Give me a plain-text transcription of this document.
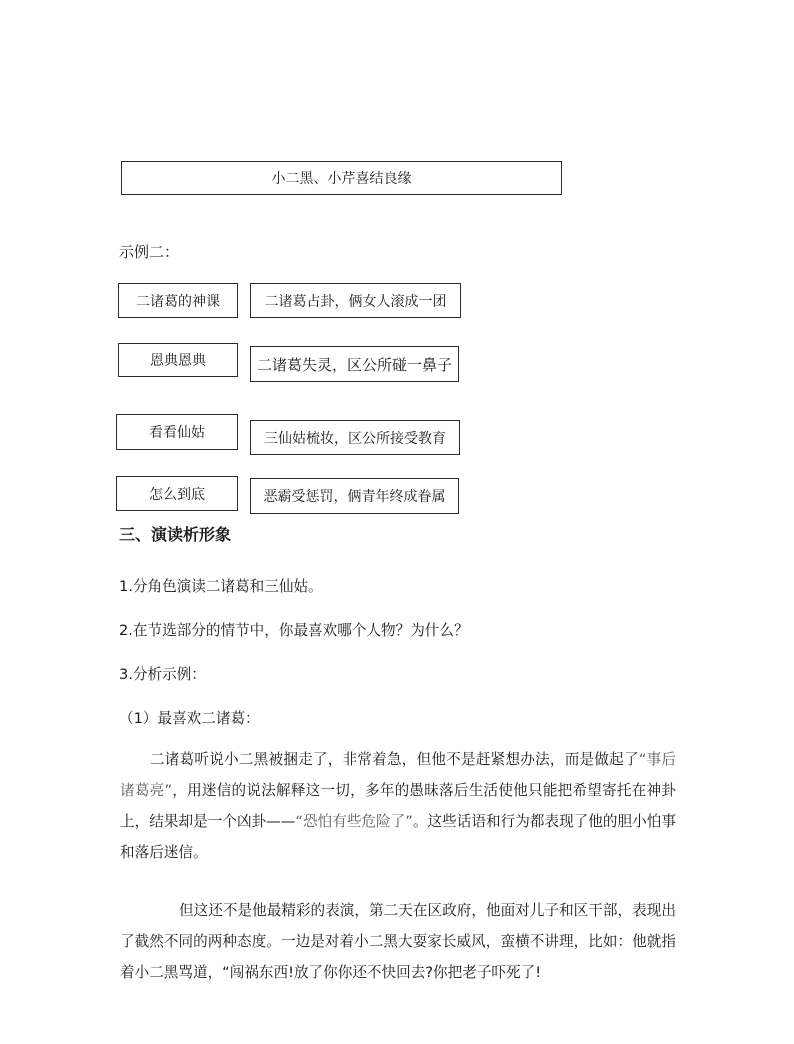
小二黑、小芹喜结良缘
示例二：
二诸葛的神课	二诸葛占卦，俩女人滚成一团
恩典恩典	二诸葛失灵，区公所碰一鼻子
看看仙姑	三仙姑梳妆，区公所接受教育
怎么到底	恶霸受惩罚，俩青年终成眷属
三、演读析形象
1.分角色演读二诸葛和三仙姑。
2.在节选部分的情节中，你最喜欢哪个人物？为什么？
3.分析示例：
（1）最喜欢二诸葛：
二诸葛听说小二黑被捆走了，非常着急，但他不是赶紧想办法，而是做起了“事后诸葛亮”，用迷信的说法解释这一切，多年的愚昧落后生活使他只能把希望寄托在神卦上，结果却是一个凶卦——“恐怕有些危险了”。这些话语和行为都表现了他的胆小怕事和落后迷信。
但这还不是他最精彩的表演，第二天在区政府，他面对儿子和区干部，表现出了截然不同的两种态度。一边是对着小二黑大耍家长威风，蛮横不讲理，比如：他就指着小二黑骂道，“闯祸东西!放了你你还不快回去?你把老子吓死了!
